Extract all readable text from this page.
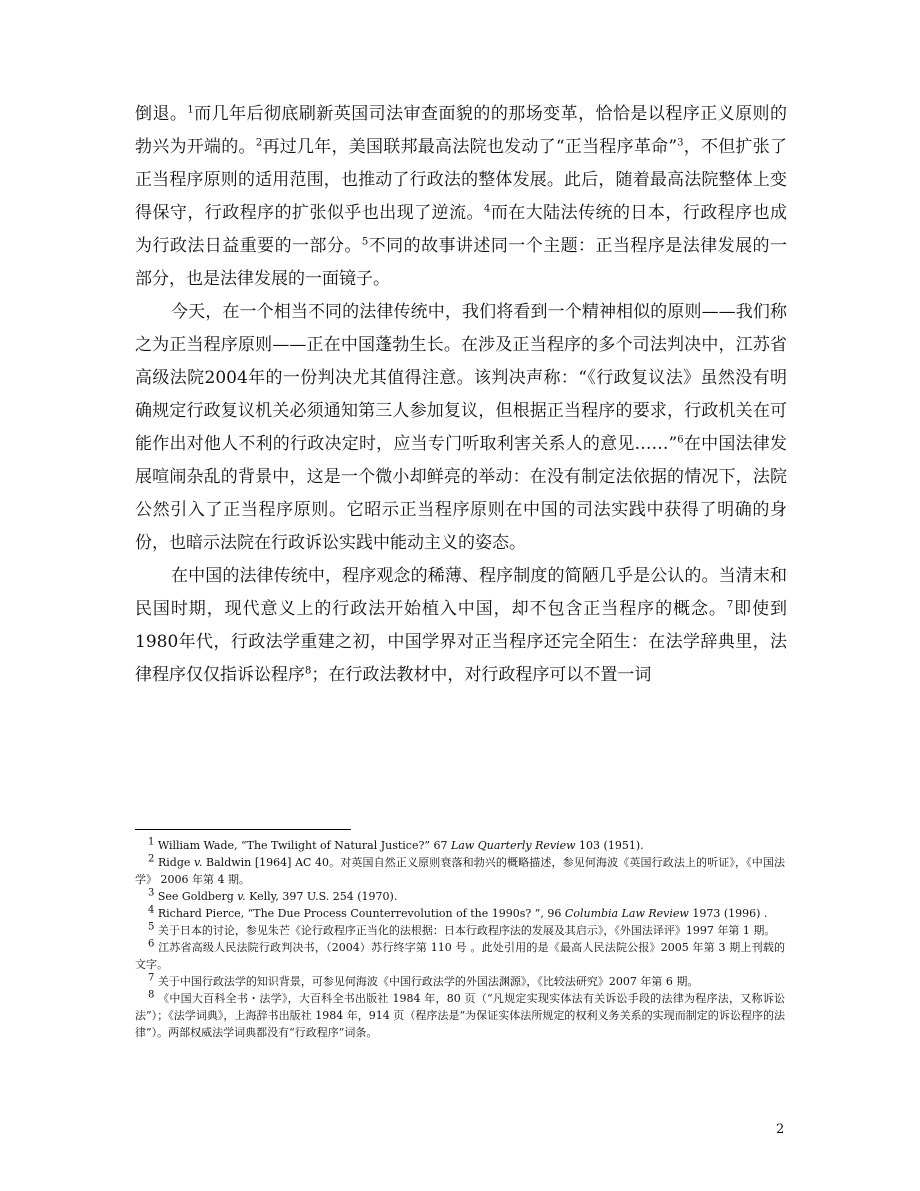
倒退。$^1$而几年后彻底刷新英国司法审查面貌的的那场变革，恰恰是以程序正义原则的勃兴为开端的。$^2$再过几年，美国联邦最高法院也发动了“正当程序革命”$^3$，不但扩张了正当程序原则的适用范围，也推动了行政法的整体发展。此后，随着最高法院整体上变得保守，行政程序的扩张似乎也出现了逆流。$^4$而在大陆法传统的日本，行政程序也成为行政法日益重要的一部分。$^5$不同的故事讲述同一个主题：正当程序是法律发展的一部分，也是法律发展的一面镜子。

今天，在一个相当不同的法律传统中，我们将看到一个精神相似的原则——我们称之为正当程序原则——正在中国蓬勃生长。在涉及正当程序的多个司法判决中，江苏省高级法院2004年的一份判决尤其值得注意。该判决声称：“《行政复议法》虽然没有明确规定行政复议机关必须通知第三人参加复议，但根据正当程序的要求，行政机关在可能作出对他人不利的行政决定时，应当专门听取利害关系人的意见……”$^6$在中国法律发展喧闹杂乱的背景中，这是一个微小却鲜亮的举动：在没有制定法依据的情况下，法院公然引入了正当程序原则。它昭示正当程序原则在中国的司法实践中获得了明确的身份，也暗示法院在行政诉讼实践中能动主义的姿态。

在中国的法律传统中，程序观念的稀薄、程序制度的简陋几乎是公认的。当清末和民国时期，现代意义上的行政法开始植入中国，却不包含正当程序的概念。$^7$即使到1980年代，行政法学重建之初，中国学界对正当程序还完全陌生：在法学辞典里，法律程序仅仅指诉讼程序$^8$；在行政法教材中，对行政程序可以不置一词

$^1$ William Wade, “The Twilight of Natural Justice?” 67 Law Quarterly Review 103 (1951).

$^2$ Ridge v. Baldwin [1964] AC 40。对英国自然正义原则衰落和勃兴的概略描述，参见何海波《英国行政法上的听证》，《中国法学》 2006 年第 4 期。

$^3$ See Goldberg v. Kelly, 397 U.S. 254 (1970).

$^4$ Richard Pierce, “The Due Process Counterrevolution of the 1990s? ”, 96 Columbia Law Review 1973 (1996) .

$^5$ 关于日本的讨论，参见朱芒《论行政程序正当化的法根据：日本行政程序法的发展及其启示》，《外国法译评》1997 年第 1 期。

$^6$ 江苏省高级人民法院行政判决书，（2004）苏行终字第 110 号 。此处引用的是《最高人民法院公报》2005 年第 3 期上刊载的文字。

$^7$ 关于中国行政法学的知识背景，可参见何海波《中国行政法学的外国法渊源》，《比较法研究》2007 年第 6 期。

$^8$ 《中国大百科全书・法学》，大百科全书出版社 1984 年，80 页（“凡规定实现实体法有关诉讼手段的法律为程序法，又称诉讼法”）；《法学词典》，上海辞书出版社 1984 年，914 页（程序法是“为保证实体法所规定的权利义务关系的实现而制定的诉讼程序的法律”）。两部权威法学词典都没有“行政程序”词条。

2
